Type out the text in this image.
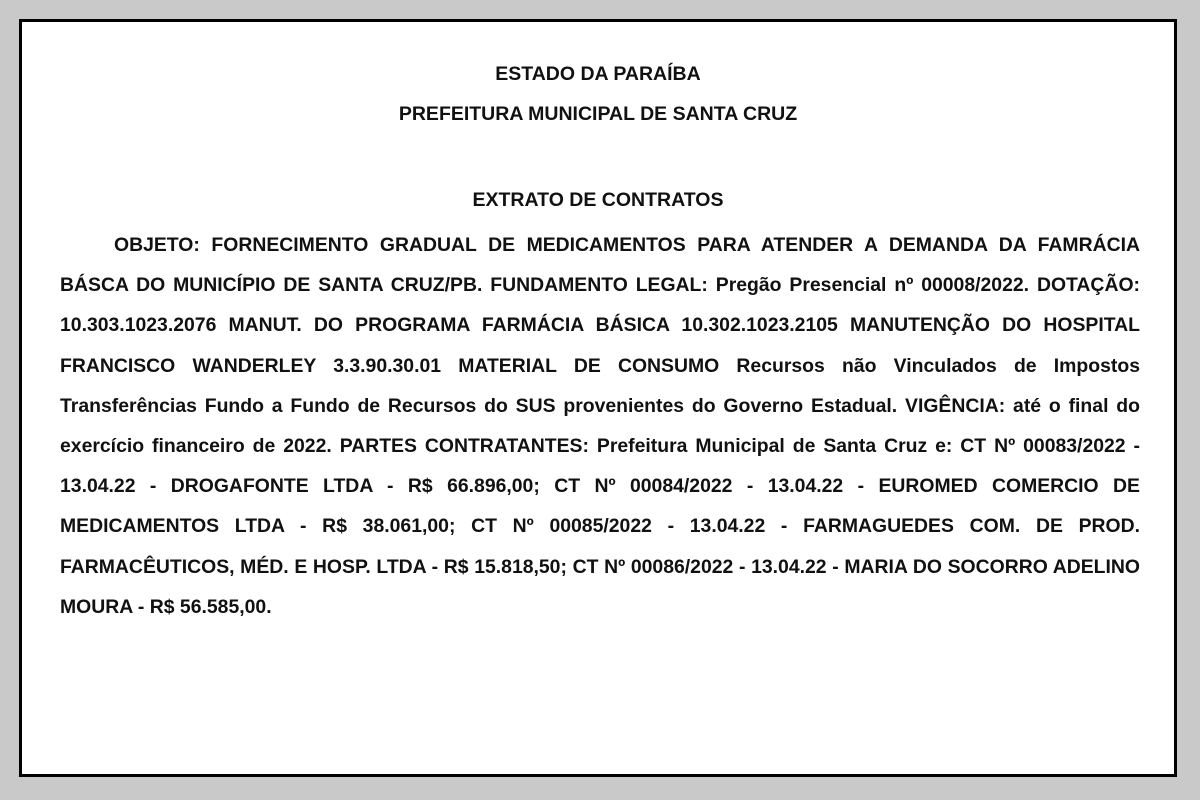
ESTADO DA PARAÍBA
PREFEITURA MUNICIPAL DE SANTA CRUZ
EXTRATO DE CONTRATOS

OBJETO: FORNECIMENTO GRADUAL DE MEDICAMENTOS PARA ATENDER A DEMANDA DA FAMRÁCIA BÁSCA DO MUNICÍPIO DE SANTA CRUZ/PB. FUNDAMENTO LEGAL: Pregão Presencial nº 00008/2022. DOTAÇÃO: 10.303.1023.2076 MANUT. DO PROGRAMA FARMÁCIA BÁSICA 10.302.1023.2105 MANUTENÇÃO DO HOSPITAL FRANCISCO WANDERLEY 3.3.90.30.01 MATERIAL DE CONSUMO Recursos não Vinculados de Impostos Transferências Fundo a Fundo de Recursos do SUS provenientes do Governo Estadual. VIGÊNCIA: até o final do exercício financeiro de 2022. PARTES CONTRATANTES: Prefeitura Municipal de Santa Cruz e: CT Nº 00083/2022 - 13.04.22 - DROGAFONTE LTDA - R$ 66.896,00; CT Nº 00084/2022 - 13.04.22 - EUROMED COMERCIO DE MEDICAMENTOS LTDA - R$ 38.061,00; CT Nº 00085/2022 - 13.04.22 - FARMAGUEDES COM. DE PROD. FARMACÊUTICOS, MÉD. E HOSP. LTDA - R$ 15.818,50; CT Nº 00086/2022 - 13.04.22 - MARIA DO SOCORRO ADELINO MOURA - R$ 56.585,00.
